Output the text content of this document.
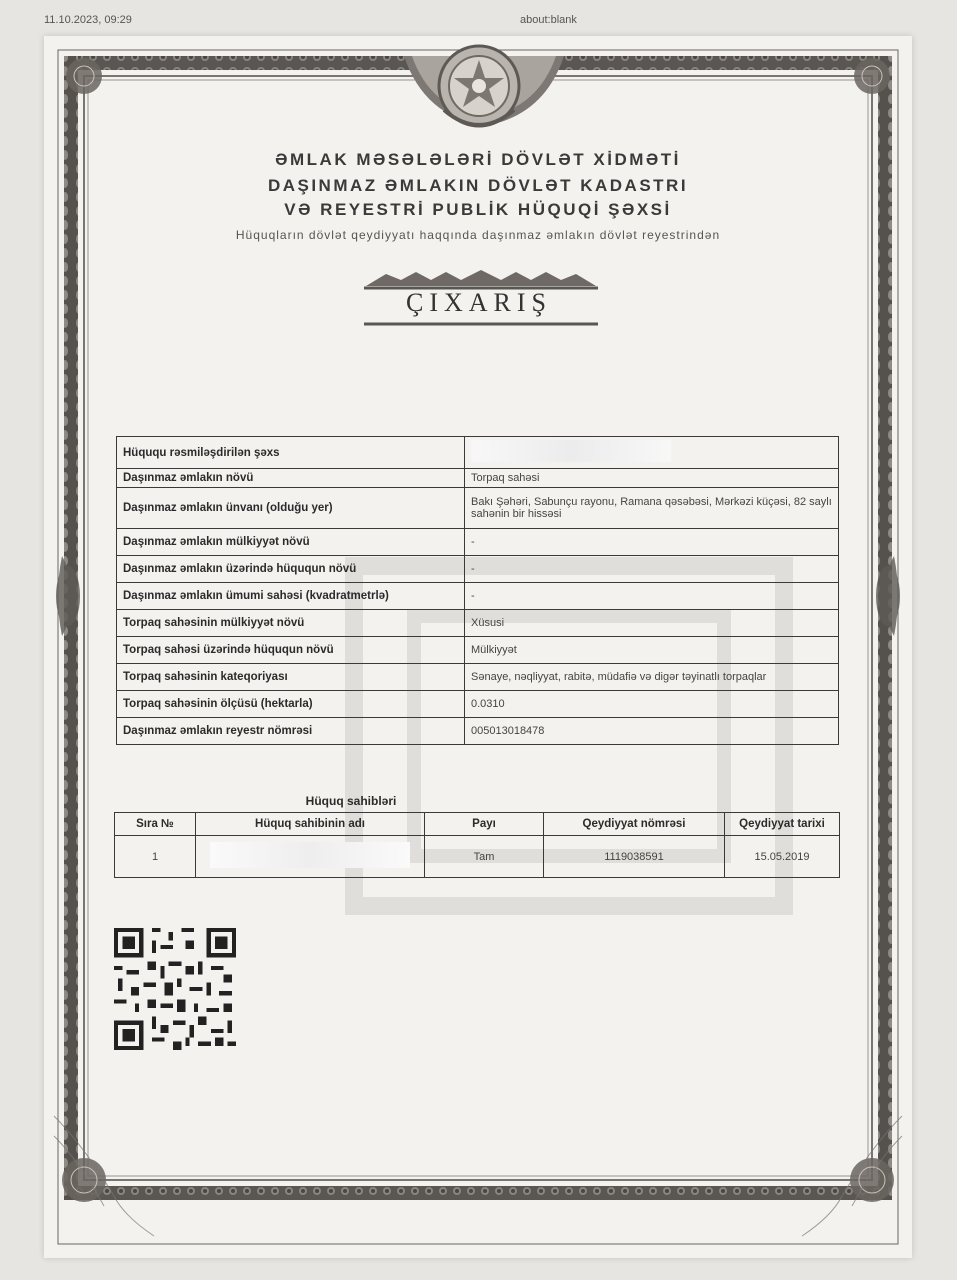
11.10.2023, 09:29	about:blank
ƏMLAK MƏSƏLƏLƏRİ DÖVLƏT XİDMƏTİ
DAŞINMAZ ƏMLAKIN DÖVLƏT KADASTRI
VƏ REYESTRİ PUBLİK HÜQUQİ ŞƏXSİ
Hüquqların dövlət qeydiyyatı haqqında daşınmaz əmlakın dövlət reyestrindən
ÇIXARIŞ
Hüququ rəsmiləşdirilən şəxs	
Daşınmaz əmlakın növü	Torpaq sahəsi
Daşınmaz əmlakın ünvanı (olduğu yer)	Bakı Şəhəri, Sabunçu rayonu, Ramana qəsəbəsi, Mərkəzi küçəsi, 82 saylı sahənin bir hissəsi
Daşınmaz əmlakın mülkiyyət növü	-
Daşınmaz əmlakın üzərində hüququn növü	-
Daşınmaz əmlakın ümumi sahəsi (kvadratmetrlə)	-
Torpaq sahəsinin mülkiyyət növü	Xüsusi
Torpaq sahəsi üzərində hüququn növü	Mülkiyyət
Torpaq sahəsinin kateqoriyası	Sənaye, nəqliyyat, rabitə, müdafiə və digər təyinatlı torpaqlar
Torpaq sahəsinin ölçüsü (hektarla)	0.0310
Daşınmaz əmlakın reyestr nömrəsi	005013018478
Hüquq sahibləri
Sıra №	Hüquq sahibinin adı	Payı	Qeydiyyat nömrəsi	Qeydiyyat tarixi
1		Tam	1119038591	15.05.2019
